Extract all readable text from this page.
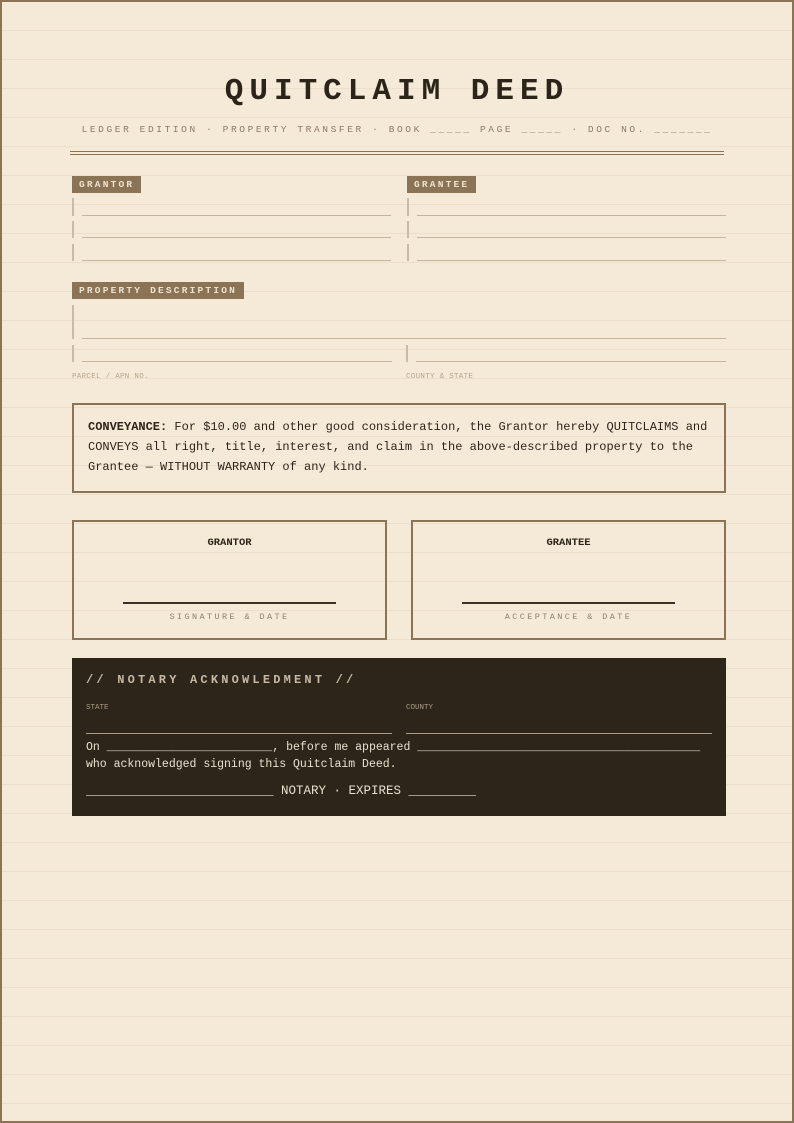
QUITCLAIM DEED
LEDGER EDITION · PROPERTY TRANSFER · BOOK _____ PAGE _____ · DOC NO. _______
GRANTOR	GRANTEE
PROPERTY DESCRIPTION
PARCEL / APN NO.	COUNTY & STATE
CONVEYANCE: For $10.00 and other good consideration, the Grantor hereby QUITCLAIMS and CONVEYS all right, title, interest, and claim in the above-described property to the Grantee — WITHOUT WARRANTY of any kind.
GRANTOR
SIGNATURE & DATE
GRANTEE
ACCEPTANCE & DATE
// NOTARY ACKNOWLEDMENT //
STATE	COUNTY
On ________________________, before me appeared _________________________________________
who acknowledged signing this Quitclaim Deed.
_________________________ NOTARY · EXPIRES _________
